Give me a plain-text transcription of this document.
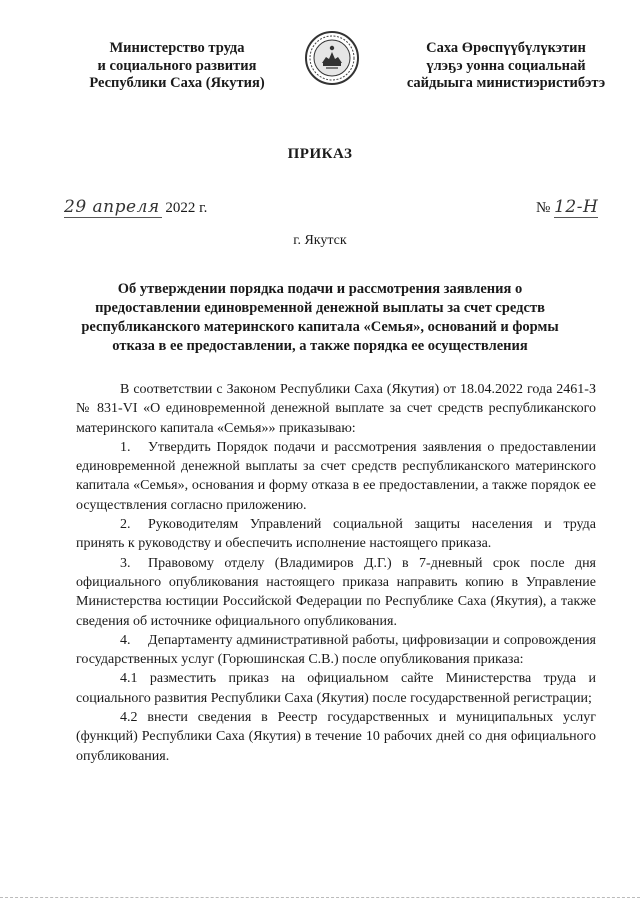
Министерство труда
и социального развития
Республики Саха (Якутия)
Саха Өрөспүүбүлүкэтин
үлэҕэ уонна социальнай
сайдыыга министиэристибэтэ
ПРИКАЗ
29 апреля 2022 г.	№ 12-Н
г. Якутск
Об утверждении порядка подачи и рассмотрения заявления о
предоставлении единовременной денежной выплаты за счет средств
республиканского материнского капитала «Семья», оснований и формы
отказа в ее предоставлении, а также порядка ее осуществления

В соответствии с Законом Республики Саха (Якутия) от 18.04.2022 года 2461-З № 831-VI «О единовременной денежной выплате за счет средств республиканского материнского капитала «Семья»» приказываю:

1. Утвердить Порядок подачи и рассмотрения заявления о предоставлении единовременной денежной выплаты за счет средств республиканского материнского капитала «Семья», основания и форму отказа в ее предоставлении, а также порядок ее осуществления согласно приложению.

2. Руководителям Управлений социальной защиты населения и труда принять к руководству и обеспечить исполнение настоящего приказа.

3. Правовому отделу (Владимиров Д.Г.) в 7-дневный срок после дня официального опубликования настоящего приказа направить копию в Управление Министерства юстиции Российской Федерации по Республике Саха (Якутия), а также сведения об источнике официального опубликования.

4. Департаменту административной работы, цифровизации и сопровождения государственных услуг (Горюшинская С.В.) после опубликования приказа:

4.1 разместить приказ на официальном сайте Министерства труда и социального развития Республики Саха (Якутия) после государственной регистрации;

4.2 внести сведения в Реестр государственных и муниципальных услуг (функций) Республики Саха (Якутия) в течение 10 рабочих дней со дня официального опубликования.
